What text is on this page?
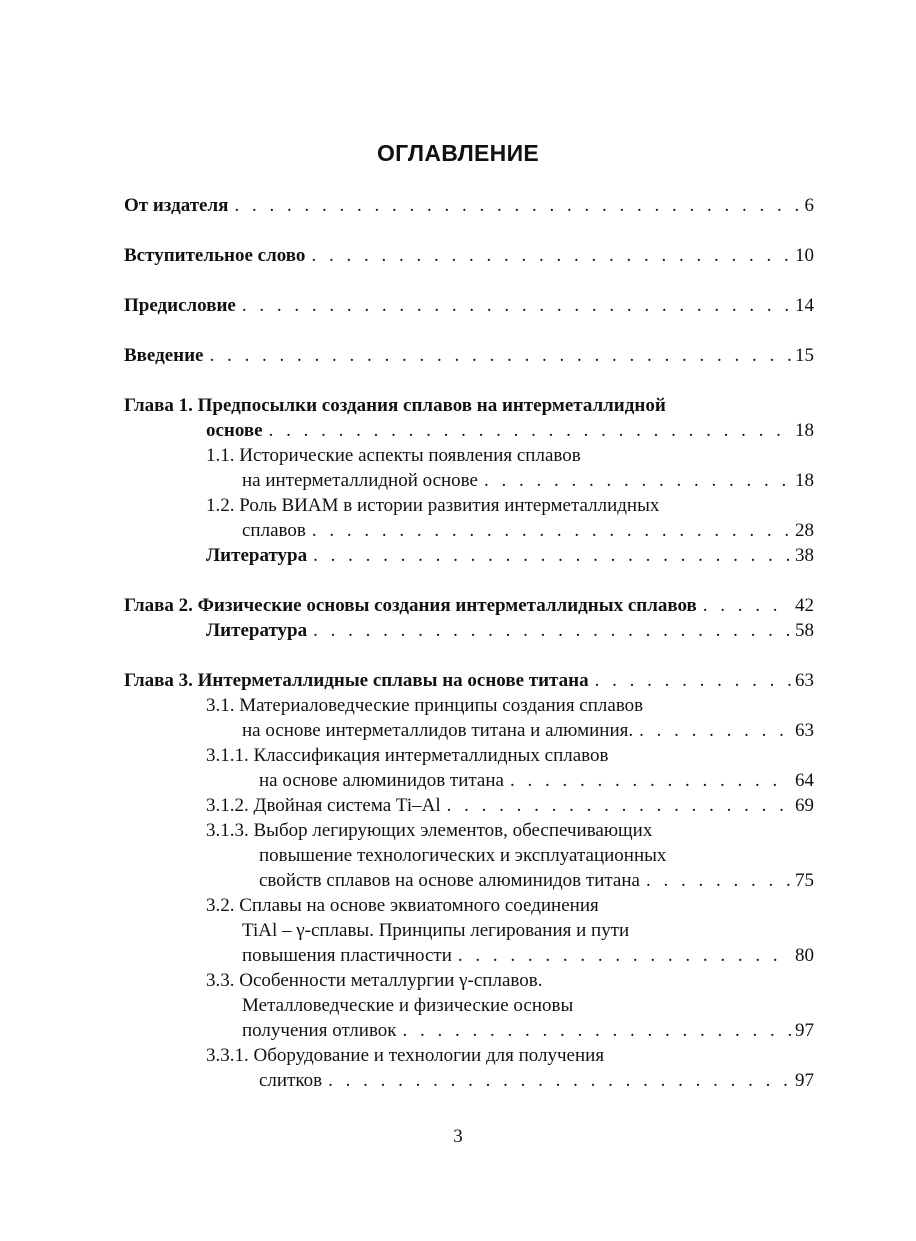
ОГЛАВЛЕНИЕ
От издателя . . .	6
Вступительное слово . . .	10
Предисловие . . .	14
Введение . . .	15
Глава 1. Предпосылки создания сплавов на интерметаллидной
основе . . .	18
1.1. Исторические аспекты появления сплавов
на интерметаллидной основе . . .	18
1.2. Роль ВИАМ в истории развития интерметаллидных
сплавов . . .	28
Литература . . .	38
Глава 2. Физические основы создания интерметаллидных сплавов . . .	42
Литература . . .	58
Глава 3. Интерметаллидные сплавы на основе титана . . .	63
3.1. Материаловедческие принципы создания сплавов
на основе интерметаллидов титана и алюминия. . . .	63
3.1.1. Классификация интерметаллидных сплавов
на основе алюминидов титана . . .	64
3.1.2. Двойная система Ti–Al . . .	69
3.1.3. Выбор легирующих элементов, обеспечивающих
повышение технологических и эксплуатационных
свойств сплавов на основе алюминидов титана . . .	75
3.2. Сплавы на основе эквиатомного соединения
TiAl – γ-сплавы. Принципы легирования и пути
повышения пластичности . . .	80
3.3. Особенности металлургии γ-сплавов.
Металловедческие и физические основы
получения отливок . . .	97
3.3.1. Оборудование и технологии для получения
слитков . . .	97
3
